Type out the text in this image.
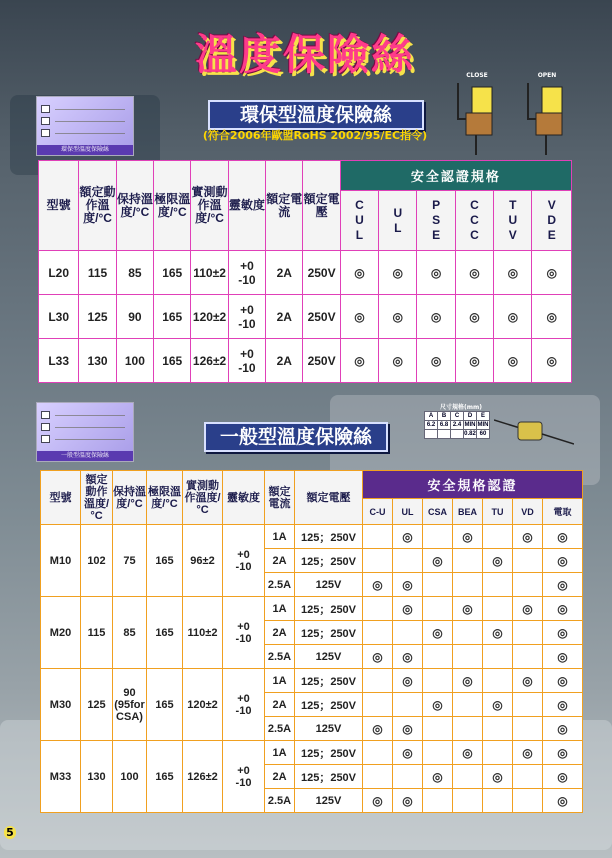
溫度保險絲	CLOSE	OPEN
環保型溫度保險絲
環保型溫度保險絲
(符合2006年歐盟RoHS 2002/95/EC指令)
型號	額定動作溫度/°C	保持溫度/°C	極限溫度/°C	實測動作溫度/°C	靈敏度	額定電流	額定電壓	安全認證規格					
								CUL	UL	PSE	CCC	TUV	VDE
L20	115	85	165	110±2	+0
-10	2A	250V	◎	◎	◎	◎	◎	◎
L30	125	90	165	120±2	+0
-10	2A	250V	◎	◎	◎	◎	◎	◎
L33	130	100	165	126±2	+0
-10	2A	250V	◎	◎	◎	◎	◎	◎
一般型溫度保險絲
一般型溫度保險絲
尺寸規格(mm)
A	B	C	D	E
6.2	6.8	2.4	MIN	MIN
			0.82	60
型號	額定動作溫度/°C	保持溫度/°C	極限溫度/°C	實測動作溫度/°C	靈敏度	額定電流	額定電壓	安全規格認證						
								C-U	UL	CSA	BEA	TU	VD	電取
M10	102	75	165	96±2	+0
-10	1A	125；250V		◎		◎		◎	◎
						2A	125；250V			◎		◎		◎
						2.5A	125V	◎	◎					◎
M20	115	85	165	110±2	+0
-10	1A	125；250V		◎		◎		◎	◎
						2A	125；250V			◎		◎		◎
						2.5A	125V	◎	◎					◎
M30	125	90
(95for
CSA)	165	120±2	+0
-10	1A	125；250V		◎		◎		◎	◎
						2A	125；250V			◎		◎		◎
						2.5A	125V	◎	◎					◎
M33	130	100	165	126±2	+0
-10	1A	125；250V		◎		◎		◎	◎
						2A	125；250V			◎		◎		◎
						2.5A	125V	◎	◎					◎
5
